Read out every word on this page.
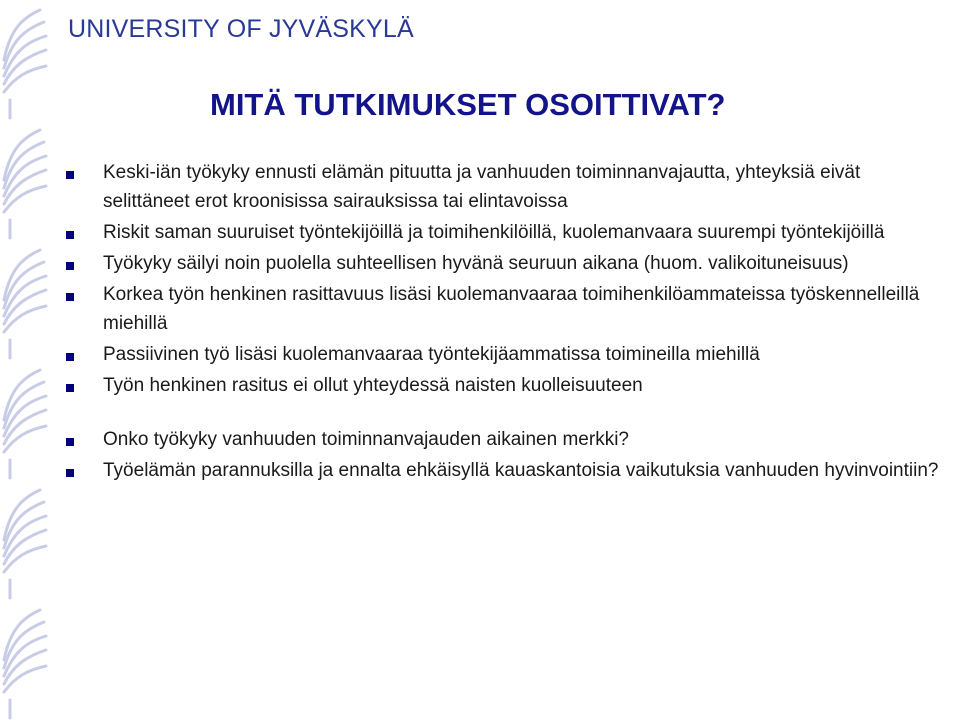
UNIVERSITY OF JYVÄSKYLÄ
MITÄ TUTKIMUKSET OSOITTIVAT?
Keski-iän työkyky ennusti elämän pituutta ja vanhuuden toiminnanvajautta, yhteyksiä eivät selittäneet erot kroonisissa sairauksissa tai elintavoissa
Riskit saman suuruiset työntekijöillä ja toimihenkilöillä, kuolemanvaara suurempi työntekijöillä
Työkyky säilyi noin puolella suhteellisen hyvänä seuruun aikana (huom. valikoituneisuus)
Korkea työn henkinen rasittavuus lisäsi kuolemanvaaraa toimihenkilöammateissa työskennelleillä miehillä
Passiivinen työ lisäsi kuolemanvaaraa työntekijäammatissa toimineilla miehillä
Työn henkinen rasitus ei ollut yhteydessä naisten kuolleisuuteen
Onko työkyky vanhuuden toiminnanvajauden aikainen merkki?
Työelämän parannuksilla ja ennalta ehkäisyllä kauaskantoisia vaikutuksia vanhuuden hyvinvointiin?
